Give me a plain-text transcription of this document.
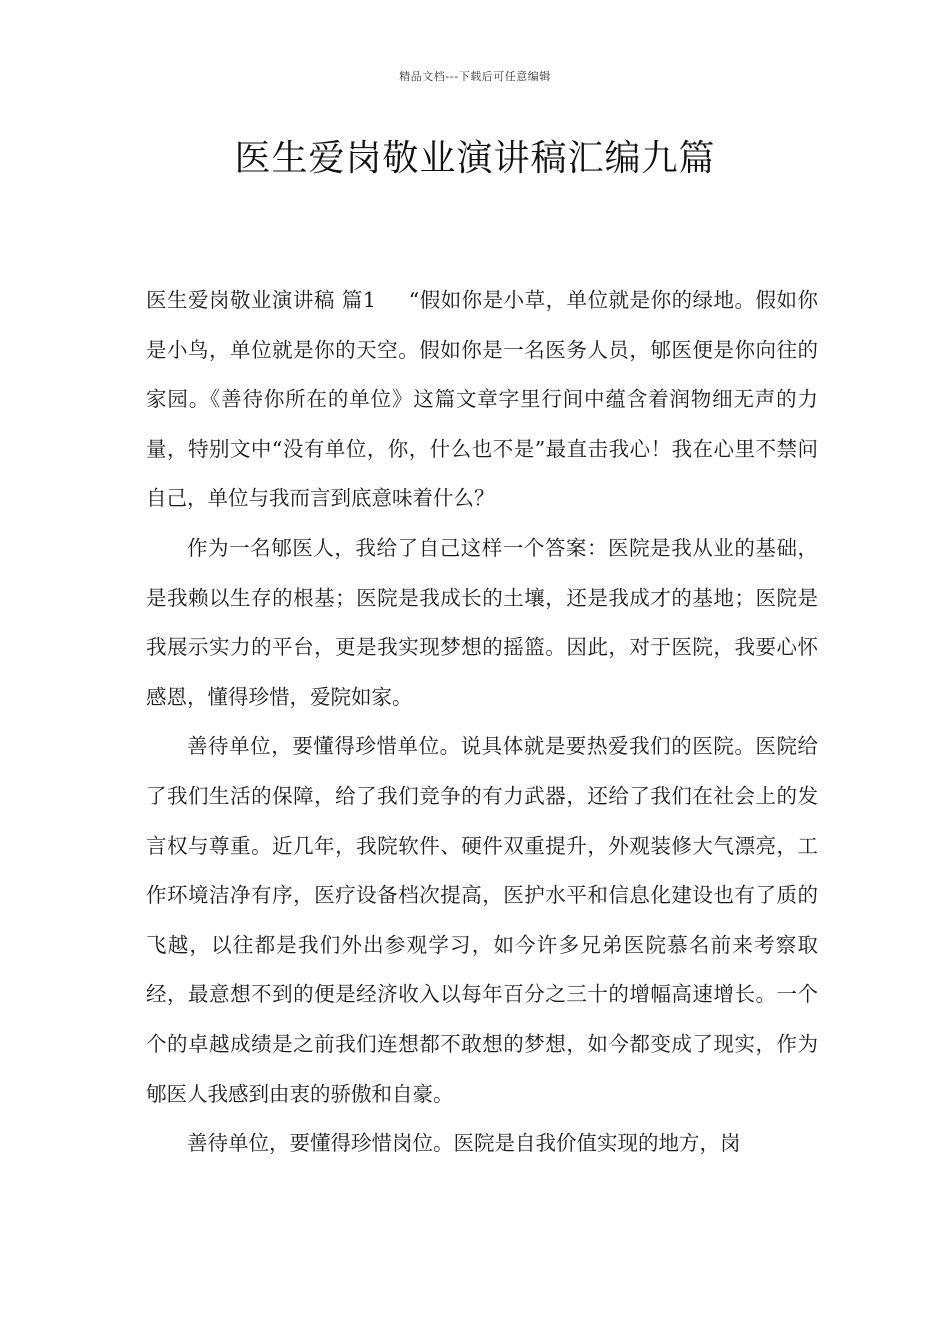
精品文档---下载后可任意编辑
医生爱岗敬业演讲稿汇编九篇

医生爱岗敬业演讲稿 篇1 “假如你是小草，单位就是你的绿地。假如你是小鸟，单位就是你的天空。假如你是一名医务人员，郇医便是你向往的家园。《善待你所在的单位》这篇文章字里行间中蕴含着润物细无声的力量，特别文中“没有单位，你，什么也不是”最直击我心！我在心里不禁问自己，单位与我而言到底意味着什么？

作为一名郇医人，我给了自己这样一个答案：医院是我从业的基础，是我赖以生存的根基；医院是我成长的土壤，还是我成才的基地；医院是我展示实力的平台，更是我实现梦想的摇篮。因此，对于医院，我要心怀感恩，懂得珍惜，爱院如家。

善待单位，要懂得珍惜单位。说具体就是要热爱我们的医院。医院给了我们生活的保障，给了我们竞争的有力武器，还给了我们在社会上的发言权与尊重。近几年，我院软件、硬件双重提升，外观装修大气漂亮，工作环境洁净有序，医疗设备档次提高，医护水平和信息化建设也有了质的飞越，以往都是我们外出参观学习，如今许多兄弟医院慕名前来考察取经，最意想不到的便是经济收入以每年百分之三十的增幅高速增长。一个个的卓越成绩是之前我们连想都不敢想的梦想，如今都变成了现实，作为郇医人我感到由衷的骄傲和自豪。

善待单位，要懂得珍惜岗位。医院是自我价值实现的地方，岗
